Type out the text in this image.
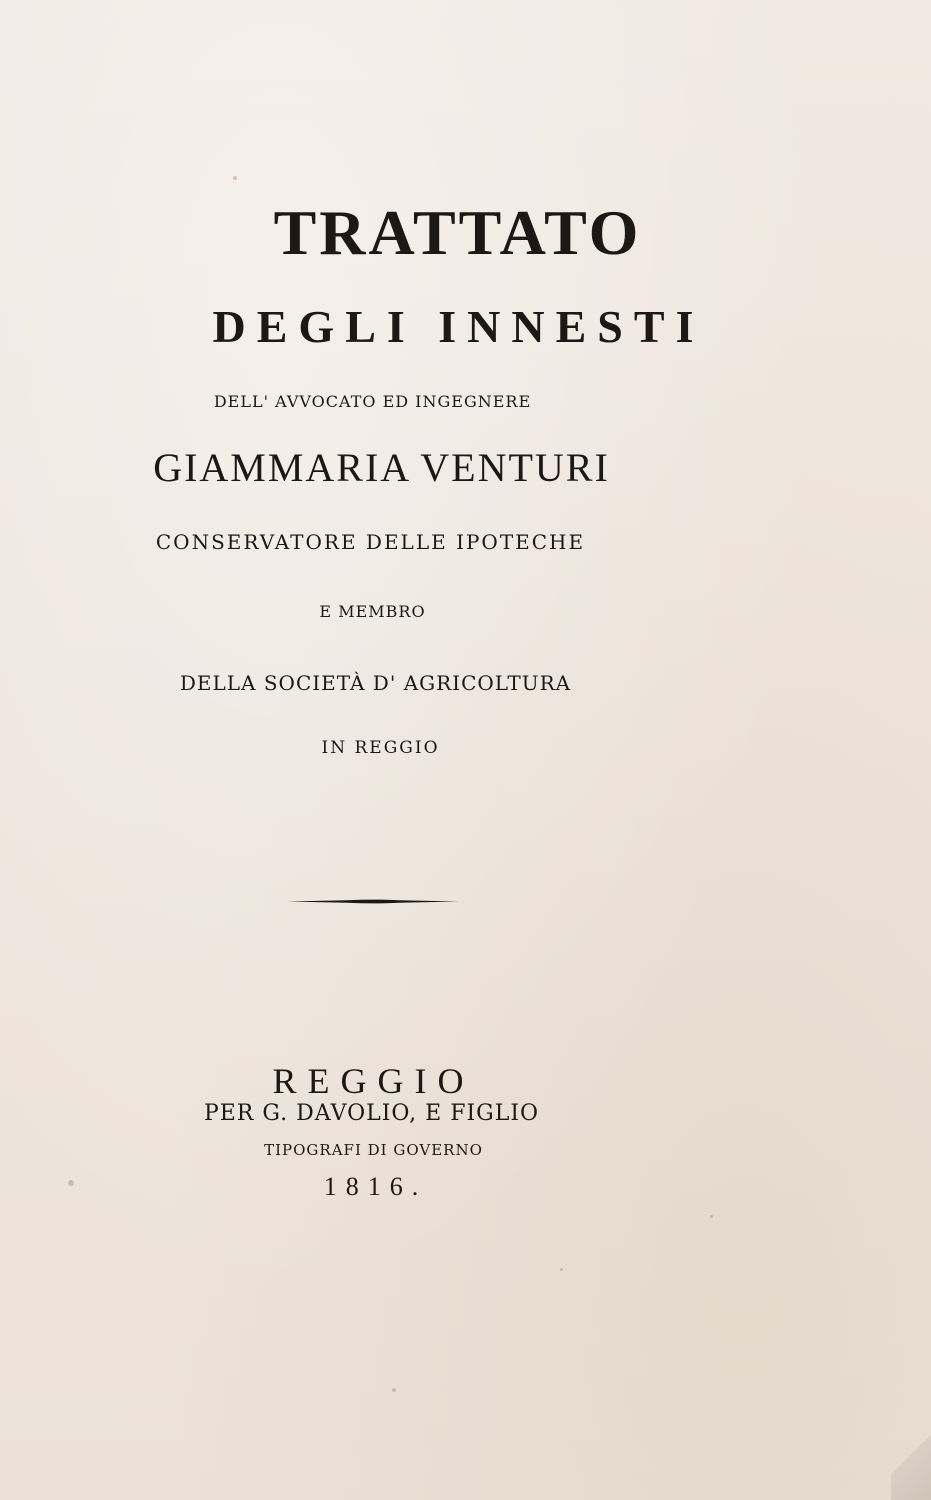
TRATTATO
DEGLI INNESTI

DELL' AVVOCATO ED INGEGNERE

GIAMMARIA VENTURI

CONSERVATORE DELLE IPOTECHE

E MEMBRO

DELLA SOCIETÀ D' AGRICOLTURA

IN REGGIO

REGGIO

PER G. DAVOLIO, E FIGLIO

TIPOGRAFI DI GOVERNO

1816.
